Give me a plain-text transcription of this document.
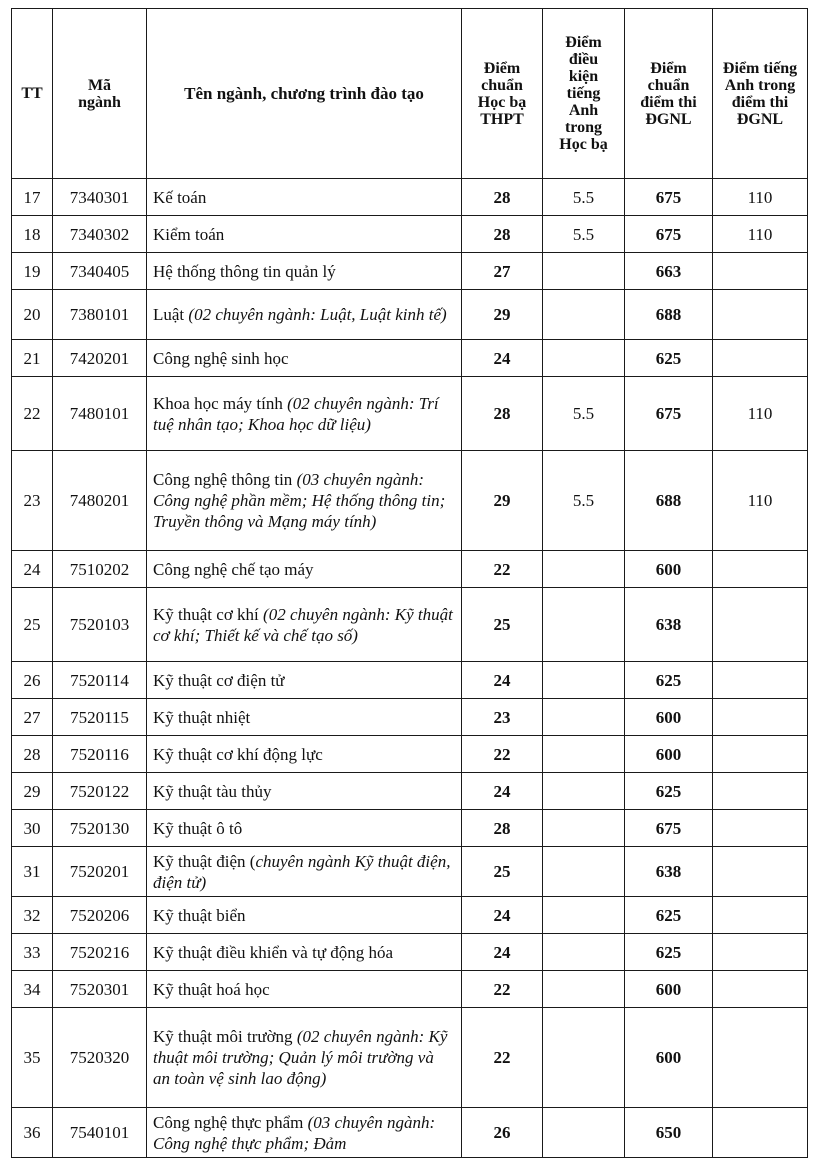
TT	Mã ngành	Tên ngành, chương trình đào tạo	Điểm chuẩn Học bạ THPT	Điểm điều kiện tiếng Anh trong Học bạ	Điểm chuẩn điểm thi ĐGNL	Điểm tiếng Anh trong điểm thi ĐGNL
17	7340301	Kế toán	28	5.5	675	110
18	7340302	Kiểm toán	28	5.5	675	110
19	7340405	Hệ thống thông tin quản lý	27		663	
20	7380101	Luật (02 chuyên ngành: Luật, Luật kinh tế)	29		688	
21	7420201	Công nghệ sinh học	24		625	
22	7480101	Khoa học máy tính (02 chuyên ngành: Trí tuệ nhân tạo; Khoa học dữ liệu)	28	5.5	675	110
23	7480201	Công nghệ thông tin (03 chuyên ngành: Công nghệ phần mềm; Hệ thống thông tin; Truyền thông và Mạng máy tính)	29	5.5	688	110
24	7510202	Công nghệ chế tạo máy	22		600	
25	7520103	Kỹ thuật cơ khí (02 chuyên ngành: Kỹ thuật cơ khí; Thiết kế và chế tạo số)	25		638	
26	7520114	Kỹ thuật cơ điện tử	24		625	
27	7520115	Kỹ thuật nhiệt	23		600	
28	7520116	Kỹ thuật cơ khí động lực	22		600	
29	7520122	Kỹ thuật tàu thủy	24		625	
30	7520130	Kỹ thuật ô tô	28		675	
31	7520201	Kỹ thuật điện (chuyên ngành Kỹ thuật điện, điện tử)	25		638	
32	7520206	Kỹ thuật biển	24		625	
33	7520216	Kỹ thuật điều khiển và tự động hóa	24		625	
34	7520301	Kỹ thuật hoá học	22		600	
35	7520320	Kỹ thuật môi trường (02 chuyên ngành: Kỹ thuật môi trường; Quản lý môi trường và an toàn vệ sinh lao động)	22		600	
36	7540101	Công nghệ thực phẩm (03 chuyên ngành: Công nghệ thực phẩm; Đảm	26		650	
